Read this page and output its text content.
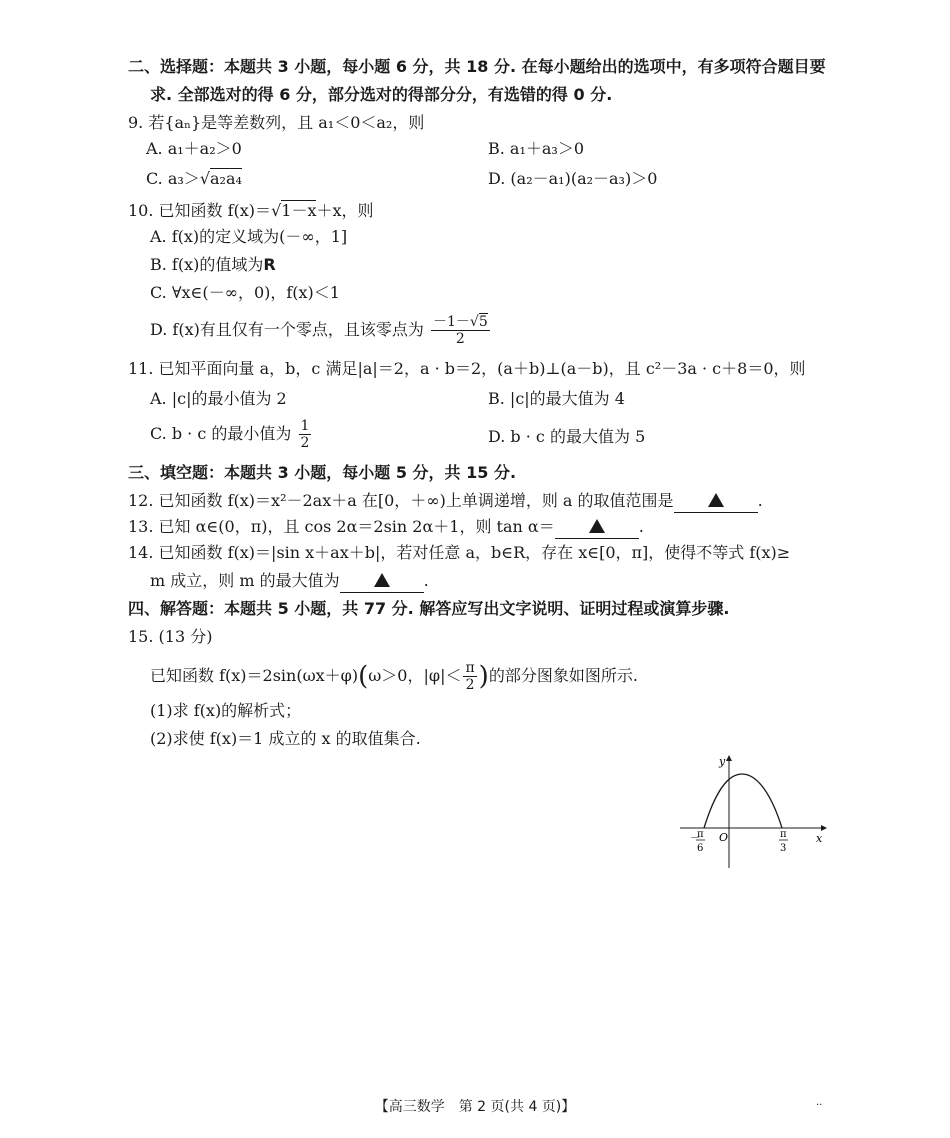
二、选择题：本题共 3 小题，每小题 6 分，共 18 分. 在每小题给出的选项中，有多项符合题目要
求. 全部选对的得 6 分，部分选对的得部分分，有选错的得 0 分.
9. 若{aₙ}是等差数列，且 a₁＜0＜a₂，则
A. a₁＋a₂＞0	B. a₁＋a₃＞0
C. a₃＞√a₂a₄	D. (a₂－a₁)(a₂－a₃)＞0
10. 已知函数 f(x)＝√1－x＋x，则
A. f(x)的定义域为(－∞，1]
B. f(x)的值域为R
C. ∀x∈(－∞，0)，f(x)＜1
D. f(x)有且仅有一个零点，且该零点为 $\frac{-1-√5}{2}$
11. 已知平面向量 a，b，c 满足|a|＝2，a · b＝2，(a＋b)⊥(a－b)，且 c²－3a · c＋8＝0，则
A. |c|的最小值为 2	B. |c|的最大值为 4
C. b · c 的最小值为 $\frac{1}{2}$	D. b · c 的最大值为 5
三、填空题：本题共 3 小题，每小题 5 分，共 15 分.
12. 已知函数 f(x)＝x²－2ax＋a 在[0，＋∞)上单调递增，则 a 的取值范围是	.
13. 已知 α∈(0，π)，且 cos 2α＝2sin 2α＋1，则 tan α＝	.
14. 已知函数 f(x)＝|sin x＋ax＋b|，若对任意 a，b∈R，存在 x∈[0，π]，使得不等式 f(x)≥
m 成立，则 m 的最大值为	.
四、解答题：本题共 5 小题，共 77 分. 解答应写出文字说明、证明过程或演算步骤.
15. (13 分)
已知函数 f(x)＝2sin(ωx＋φ)(ω＞0，$|\varphi|< \frac{\pi}{2}$ )的部分图象如图所示.
(1)求 f(x)的解析式；
(2)求使 f(x)＝1 成立的 x 的取值集合.
y
x
O
－
π
6
π
3
【高三数学　第 2 页(共 4 页)】	··
